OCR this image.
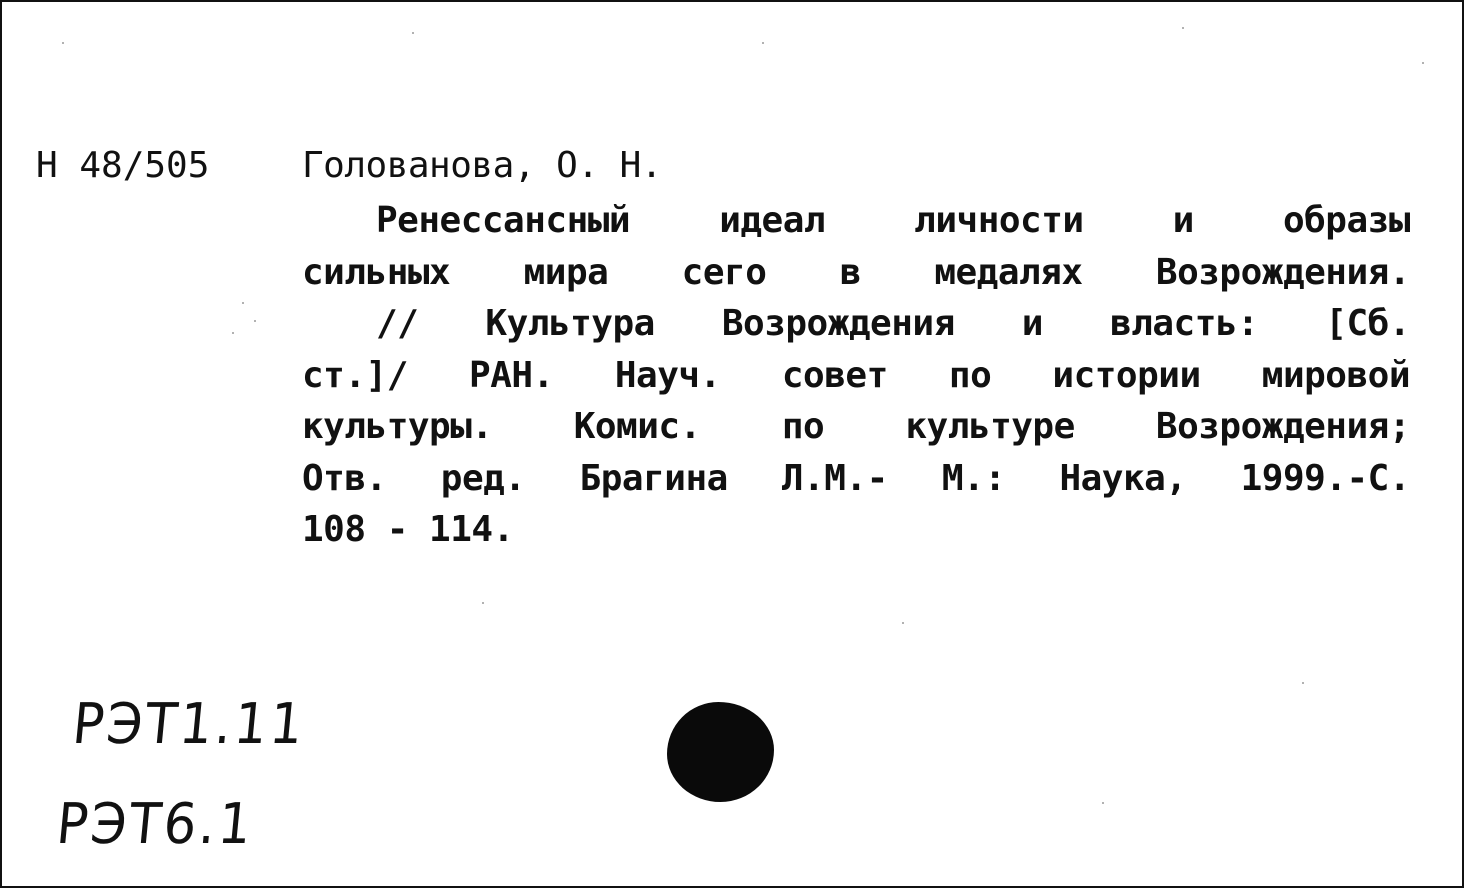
Н 48/505	Голованова, О. Н.
Ренессансный идеал личности и образы
сильных мира сего в медалях Возрождения.
// Культура Возрождения и власть: [Сб.
ст.]/ РАН. Науч. совет по истории мировой
культуры. Комис. по культуре Возрождения;
Отв. ред. Брагина Л.М.- М.: Наука, 1999.-С.
108 - 114.
РЭТ1.11
РЭТ6.1
